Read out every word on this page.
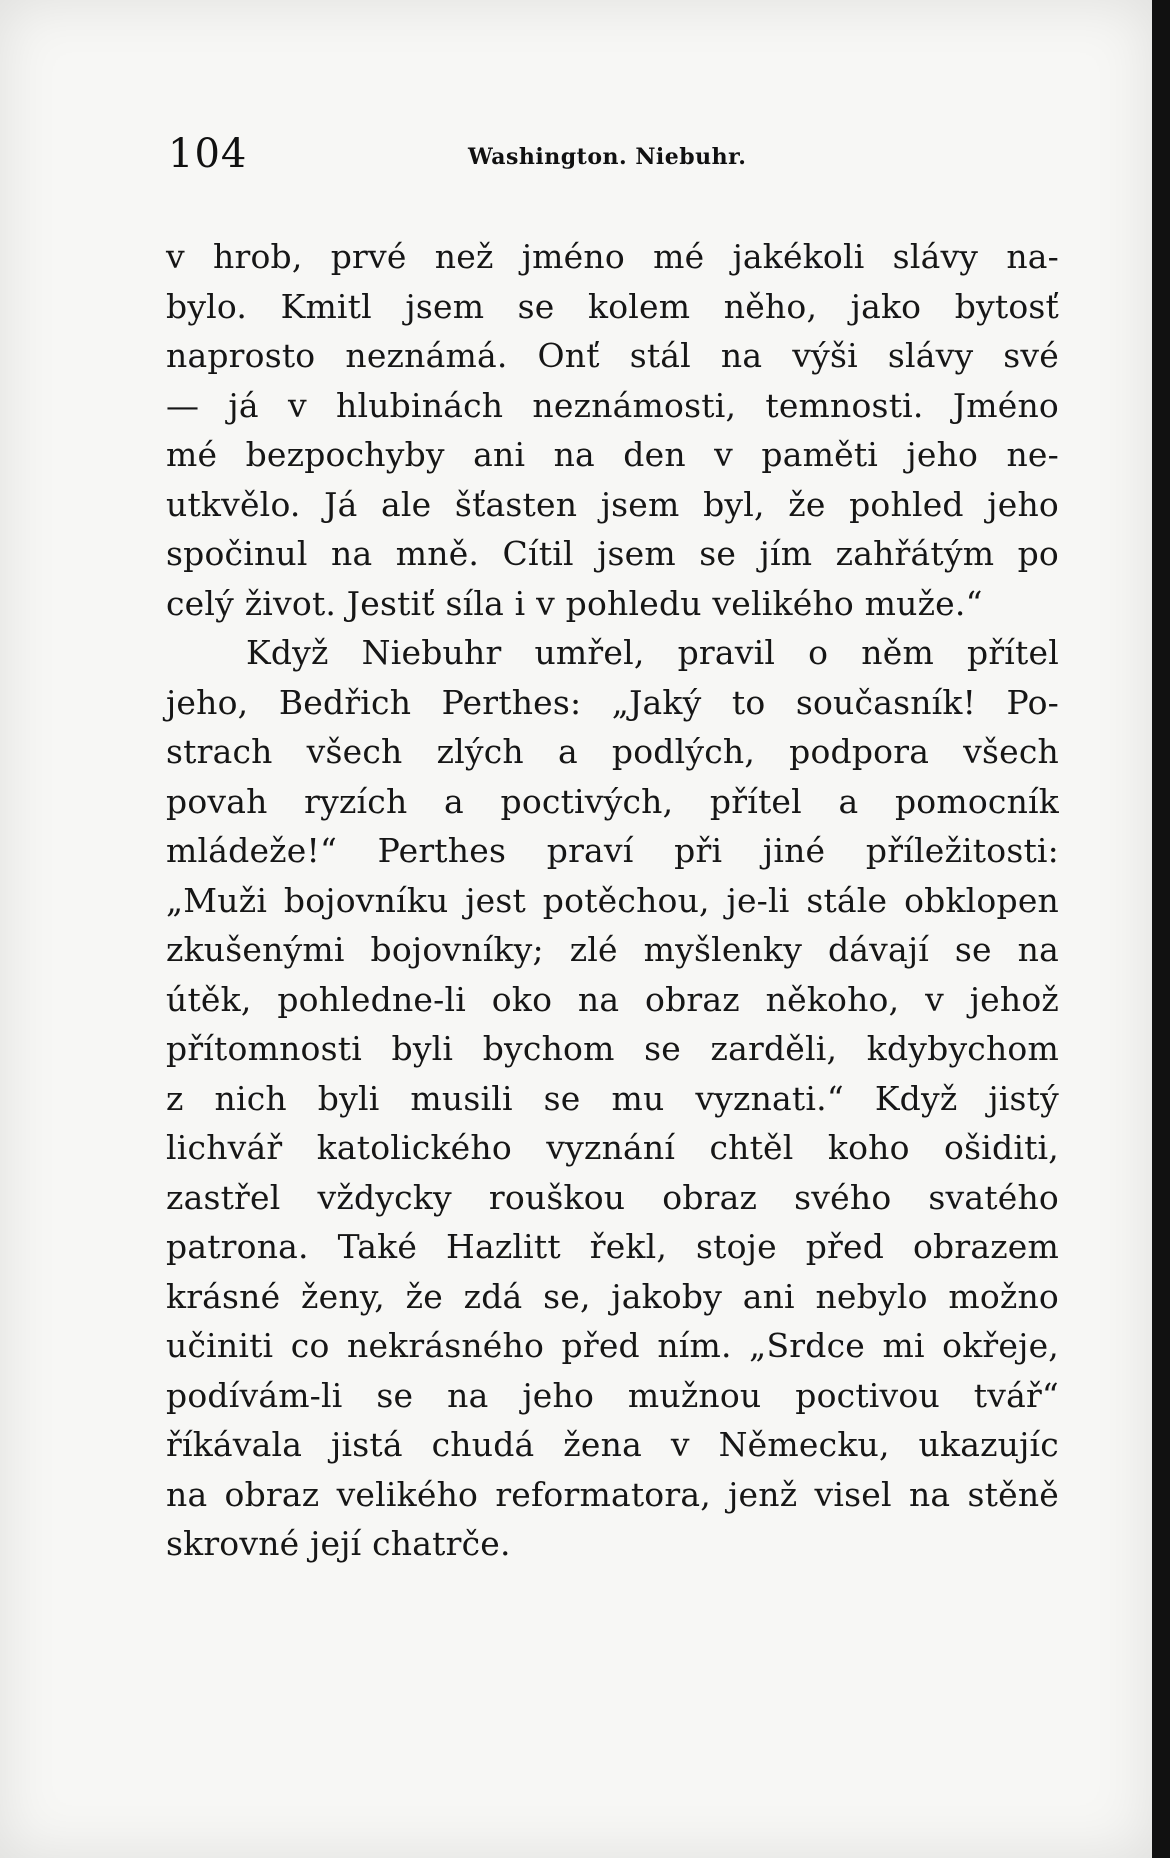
104	Washington. Niebuhr.
v hrob, prvé než jméno mé jakékoli slávy na-
bylo. Kmitl jsem se kolem něho, jako bytosť
naprosto neznámá. Onť stál na výši slávy své
— já v hlubinách neznámosti, temnosti. Jméno
mé bezpochyby ani na den v paměti jeho ne-
utkvělo. Já ale šťasten jsem byl, že pohled jeho
spočinul na mně. Cítil jsem se jím zahřátým po
celý život. Jestiť síla i v pohledu velikého muže.“
Když Niebuhr umřel, pravil o něm přítel
jeho, Bedřich Perthes: „Jaký to současník! Po-
strach všech zlých a podlých, podpora všech
povah ryzích a poctivých, přítel a pomocník
mládeže!“ Perthes praví při jiné příležitosti:
„Muži bojovníku jest potěchou, je-li stále obklopen
zkušenými bojovníky; zlé myšlenky dávají se na
útěk, pohledne-li oko na obraz někoho, v jehož
přítomnosti byli bychom se zarděli, kdybychom
z nich byli musili se mu vyznati.“ Když jistý
lichvář katolického vyznání chtěl koho ošiditi,
zastřel vždycky rouškou obraz svého svatého
patrona. Také Hazlitt řekl, stoje před obrazem
krásné ženy, že zdá se, jakoby ani nebylo možno
učiniti co nekrásného před ním. „Srdce mi okřeje,
podívám-li se na jeho mužnou poctivou tvář“
říkávala jistá chudá žena v Německu, ukazujíc
na obraz velikého reformatora, jenž visel na stěně
skrovné její chatrče.
